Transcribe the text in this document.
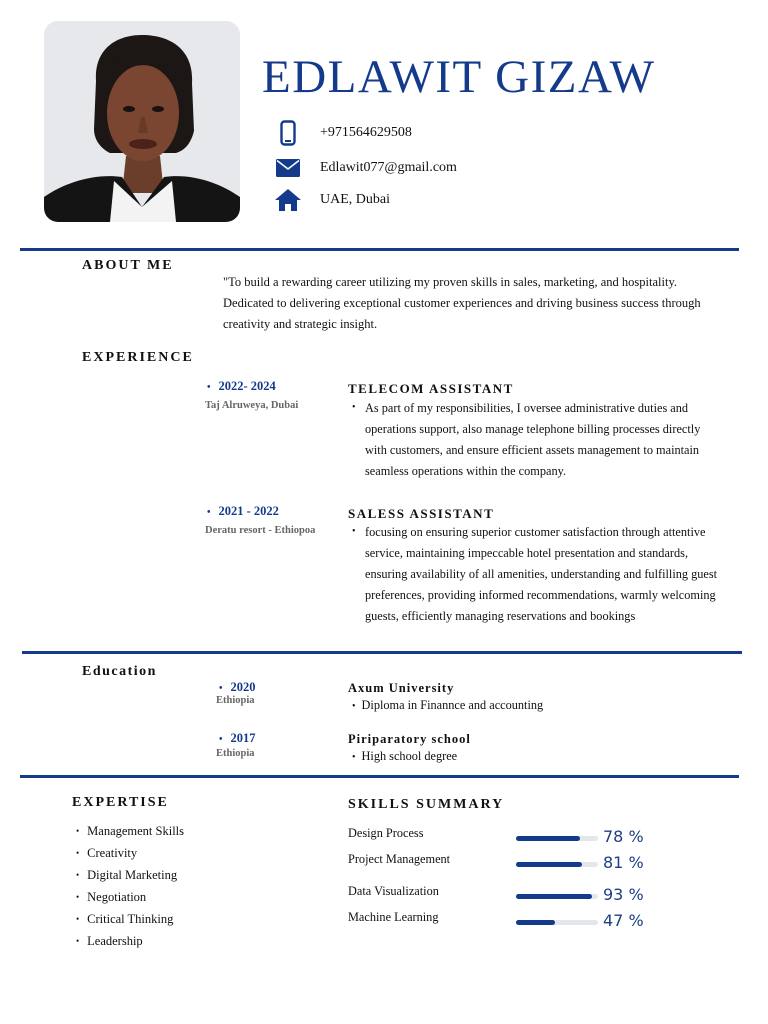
EDLAWIT GIZAW
+971564629508
Edlawit077@gmail.com
UAE, Dubai
ABOUT ME
"To build a rewarding career utilizing my proven skills in sales, marketing, and hospitality. Dedicated to delivering exceptional customer experiences and driving business success through creativity and strategic insight.
EXPERIENCE
• 2022- 2024
Taj Alruweya, Dubai
TELECOM ASSISTANT
• As part of my responsibilities, I oversee administrative duties and operations support, also manage telephone billing processes directly with customers, and ensure efficient assets management to maintain seamless operations within the company.
• 2021 - 2022
Deratu resort - Ethiopoa
SALESS ASSISTANT
• focusing on ensuring superior customer satisfaction through attentive service, maintaining impeccable hotel presentation and standards, ensuring availability of all amenities, understanding and fulfilling guest preferences, providing informed recommendations, warmly welcoming guests, efficiently managing reservations and bookings
Education
• 2020
Ethiopia
Axum University
• Diploma in Finannce and accounting
• 2017
Ethiopia
Piriparatory school
• High school degree
EXPERTISE
• Management Skills
• Creativity
• Digital Marketing
• Negotiation
• Critical Thinking
• Leadership
SKILLS SUMMARY
Design Process	78 %
Project Management	81 %
Data Visualization	93 %
Machine Learning	47 %
